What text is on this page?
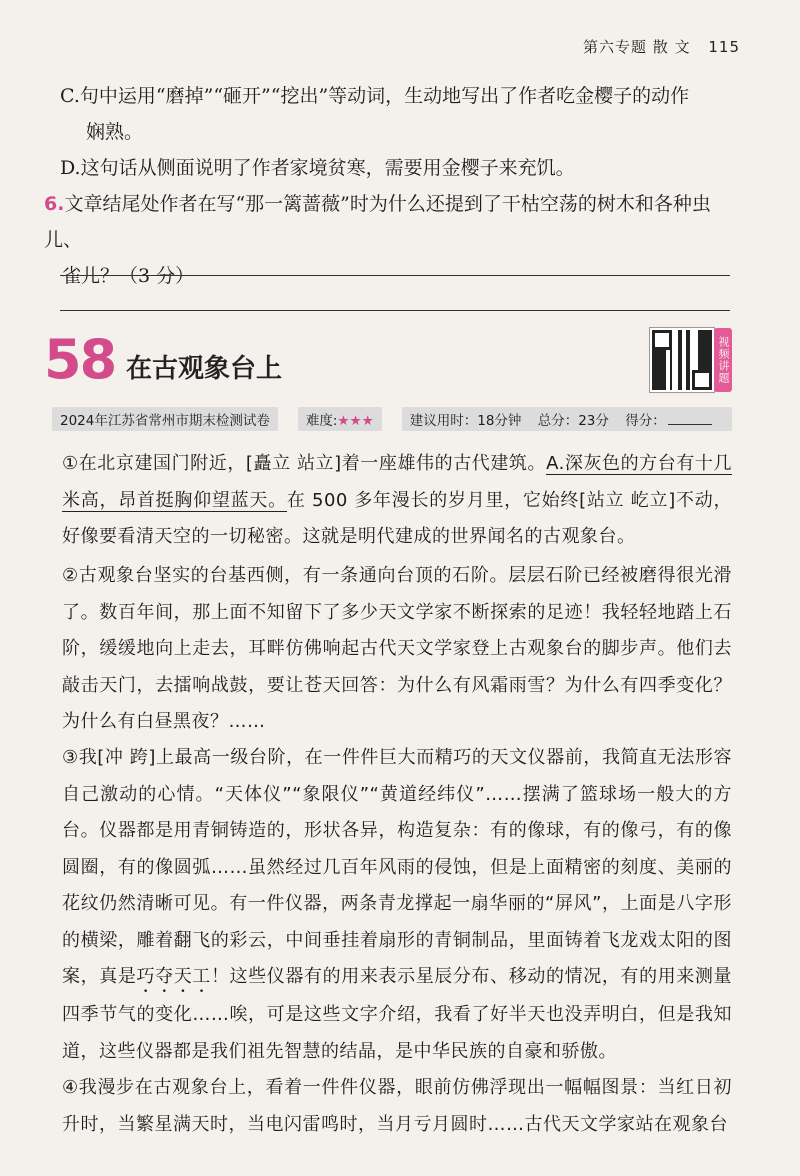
第六专题 散 文 115
C.句中运用“磨掉”“砸开”“挖出”等动词，生动地写出了作者吃金樱子的动作
娴熟。
D.这句话从侧面说明了作者家境贫寒，需要用金樱子来充饥。
6.文章结尾处作者在写“那一篱蔷薇”时为什么还提到了干枯空荡的树木和各种虫儿、
雀儿？（3 分）
58 在古观象台上	视频讲题
2024年江苏省常州市期末检测试卷	难度:★★★	建议用时：18分钟 总分：23分 得分：
①在北京建国门附近，[矗立 站立]着一座雄伟的古代建筑。A.深灰色的方台有十几米高，昂首挺胸仰望蓝天。在 500 多年漫长的岁月里，它始终[站立 屹立]不动，好像要看清天空的一切秘密。这就是明代建成的世界闻名的古观象台。
②古观象台坚实的台基西侧，有一条通向台顶的石阶。层层石阶已经被磨得很光滑了。数百年间，那上面不知留下了多少天文学家不断探索的足迹！我轻轻地踏上石阶，缓缓地向上走去，耳畔仿佛响起古代天文学家登上古观象台的脚步声。他们去敲击天门，去擂响战鼓，要让苍天回答：为什么有风霜雨雪？为什么有四季变化？为什么有白昼黑夜？……
③我[冲 跨]上最高一级台阶，在一件件巨大而精巧的天文仪器前，我简直无法形容自己激动的心情。“天体仪”“象限仪”“黄道经纬仪”……摆满了篮球场一般大的方台。仪器都是用青铜铸造的，形状各异，构造复杂：有的像球，有的像弓，有的像圆圈，有的像圆弧……虽然经过几百年风雨的侵蚀，但是上面精密的刻度、美丽的花纹仍然清晰可见。有一件仪器，两条青龙撑起一扇华丽的“屏风”，上面是八字形的横梁，雕着翻飞的彩云，中间垂挂着扇形的青铜制品，里面铸着飞龙戏太阳的图案，真是巧夺天工！这些仪器有的用来表示星辰分布、移动的情况，有的用来测量四季节气的变化……唉，可是这些文字介绍，我看了好半天也没弄明白，但是我知道，这些仪器都是我们祖先智慧的结晶，是中华民族的自豪和骄傲。
④我漫步在古观象台上，看着一件件仪器，眼前仿佛浮现出一幅幅图景：当红日初升时，当繁星满天时，当电闪雷鸣时，当月亏月圆时……古代天文学家站在观象台
